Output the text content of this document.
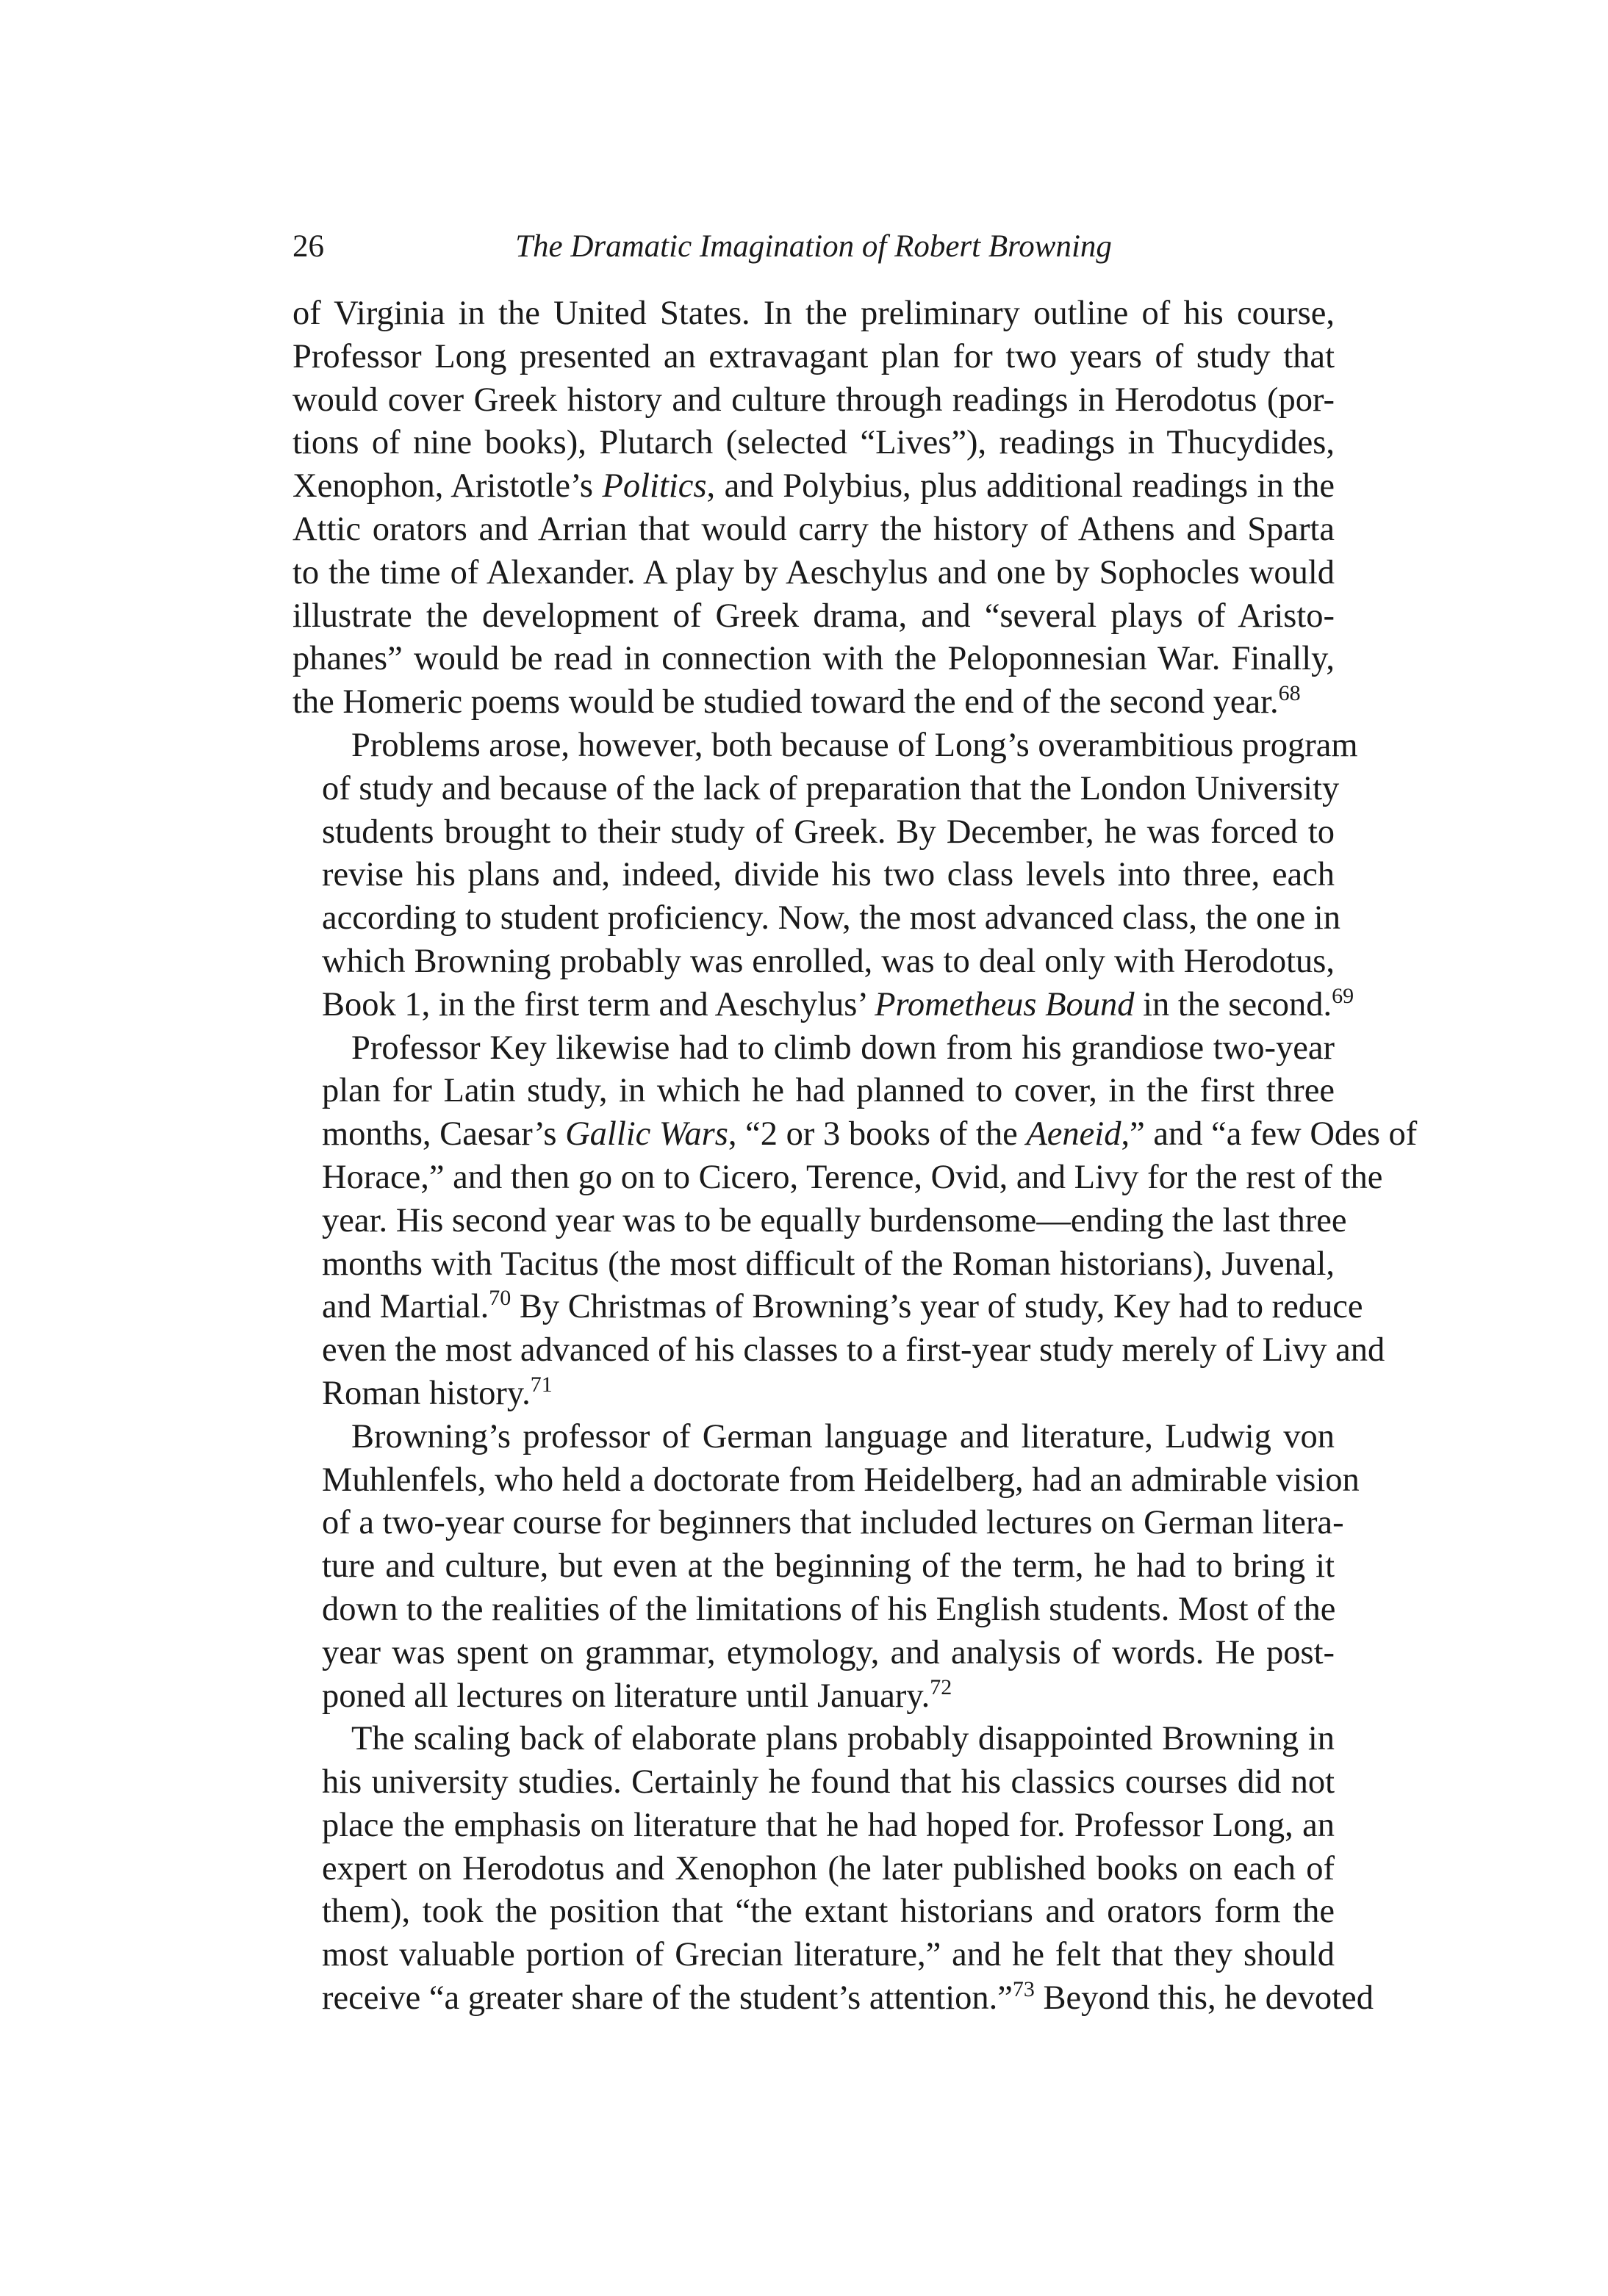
26	The Dramatic Imagination of Robert Browning
of Virginia in the United States. In the preliminary outline of his course,
Professor Long presented an extravagant plan for two years of study that
would cover Greek history and culture through readings in Herodotus (por-
tions of nine books), Plutarch (selected “Lives”), readings in Thucydides,
Xenophon, Aristotle’s Politics, and Polybius, plus additional readings in the
Attic orators and Arrian that would carry the history of Athens and Sparta
to the time of Alexander. A play by Aeschylus and one by Sophocles would
illustrate the development of Greek drama, and “several plays of Aristo-
phanes” would be read in connection with the Peloponnesian War. Finally,
the Homeric poems would be studied toward the end of the second year.$^{68}$
Problems arose, however, both because of Long’s overambitious program
of study and because of the lack of preparation that the London University
students brought to their study of Greek. By December, he was forced to
revise his plans and, indeed, divide his two class levels into three, each
according to student proficiency. Now, the most advanced class, the one in
which Browning probably was enrolled, was to deal only with Herodotus,
Book 1, in the first term and Aeschylus’ Prometheus Bound in the second.$^{69}$
Professor Key likewise had to climb down from his grandiose two-year
plan for Latin study, in which he had planned to cover, in the first three
months, Caesar’s Gallic Wars, “2 or 3 books of the Aeneid,” and “a few Odes of
Horace,” and then go on to Cicero, Terence, Ovid, and Livy for the rest of the
year. His second year was to be equally burdensome—ending the last three
months with Tacitus (the most difficult of the Roman historians), Juvenal,
and Martial.$^{70}$ By Christmas of Browning’s year of study, Key had to reduce
even the most advanced of his classes to a first-year study merely of Livy and
Roman history.$^{71}$
Browning’s professor of German language and literature, Ludwig von
Muhlenfels, who held a doctorate from Heidelberg, had an admirable vision
of a two-year course for beginners that included lectures on German litera-
ture and culture, but even at the beginning of the term, he had to bring it
down to the realities of the limitations of his English students. Most of the
year was spent on grammar, etymology, and analysis of words. He post-
poned all lectures on literature until January.$^{72}$
The scaling back of elaborate plans probably disappointed Browning in
his university studies. Certainly he found that his classics courses did not
place the emphasis on literature that he had hoped for. Professor Long, an
expert on Herodotus and Xenophon (he later published books on each of
them), took the position that “the extant historians and orators form the
most valuable portion of Grecian literature,” and he felt that they should
receive “a greater share of the student’s attention.”$^{73}$ Beyond this, he devoted
